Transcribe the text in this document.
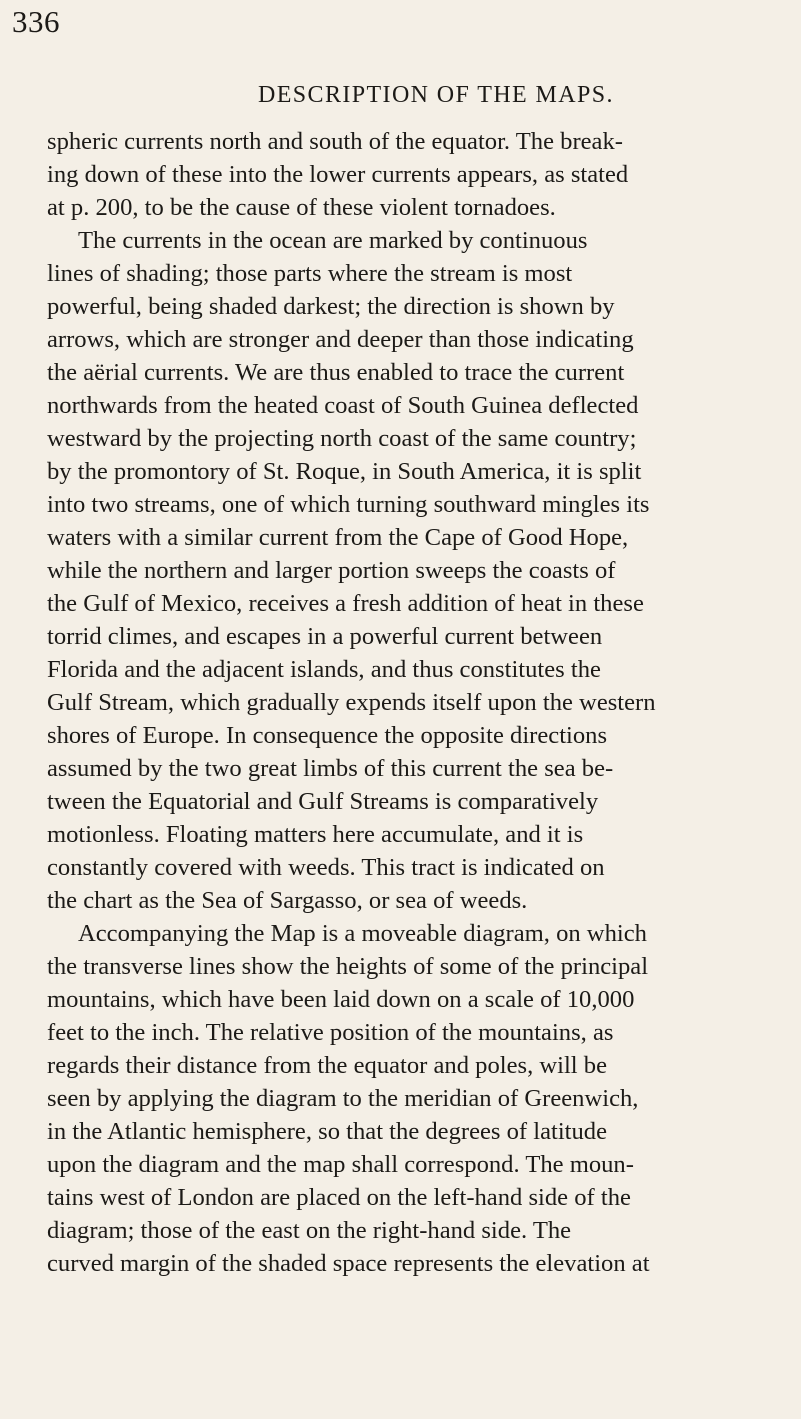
336
DESCRIPTION OF THE MAPS.
spheric currents north and south of the equator. The break-
ing down of these into the lower currents appears, as stated
at p. 200, to be the cause of these violent tornadoes.
The currents in the ocean are marked by continuous
lines of shading; those parts where the stream is most
powerful, being shaded darkest; the direction is shown by
arrows, which are stronger and deeper than those indicating
the aërial currents. We are thus enabled to trace the current
northwards from the heated coast of South Guinea deflected
westward by the projecting north coast of the same country;
by the promontory of St. Roque, in South America, it is split
into two streams, one of which turning southward mingles its
waters with a similar current from the Cape of Good Hope,
while the northern and larger portion sweeps the coasts of
the Gulf of Mexico, receives a fresh addition of heat in these
torrid climes, and escapes in a powerful current between
Florida and the adjacent islands, and thus constitutes the
Gulf Stream, which gradually expends itself upon the western
shores of Europe. In consequence the opposite directions
assumed by the two great limbs of this current the sea be-
tween the Equatorial and Gulf Streams is comparatively
motionless. Floating matters here accumulate, and it is
constantly covered with weeds. This tract is indicated on
the chart as the Sea of Sargasso, or sea of weeds.
Accompanying the Map is a moveable diagram, on which
the transverse lines show the heights of some of the principal
mountains, which have been laid down on a scale of 10,000
feet to the inch. The relative position of the mountains, as
regards their distance from the equator and poles, will be
seen by applying the diagram to the meridian of Greenwich,
in the Atlantic hemisphere, so that the degrees of latitude
upon the diagram and the map shall correspond. The moun-
tains west of London are placed on the left-hand side of the
diagram; those of the east on the right-hand side. The
curved margin of the shaded space represents the elevation at
